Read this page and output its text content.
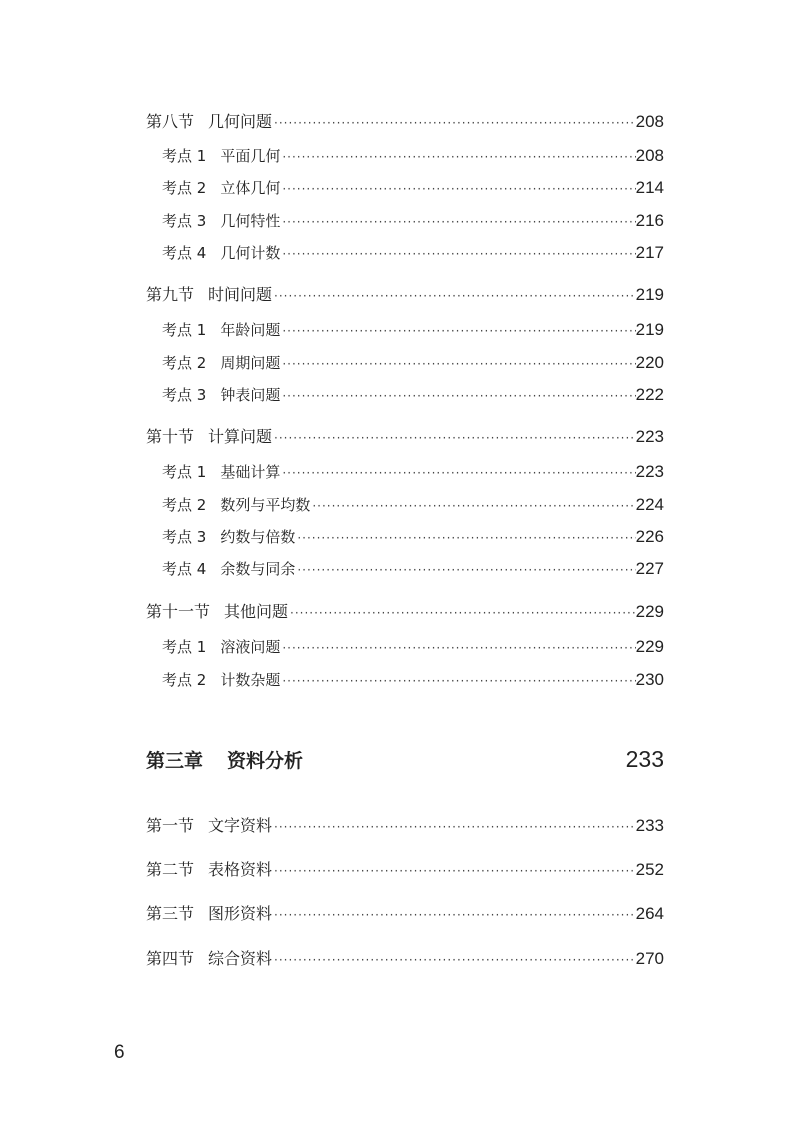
第八节 几何问题 ·····	208
考点 1 平面几何 ·····	208
考点 2 立体几何 ·····	214
考点 3 几何特性 ·····	216
考点 4 几何计数 ·····	217
第九节 时间问题 ·····	219
考点 1 年龄问题 ·····	219
考点 2 周期问题 ·····	220
考点 3 钟表问题 ·····	222
第十节 计算问题 ·····	223
考点 1 基础计算 ·····	223
考点 2 数列与平均数 ·····	224
考点 3 约数与倍数 ·····	226
考点 4 余数与同余 ·····	227
第十一节 其他问题 ·····	229
考点 1 溶液问题 ·····	229
考点 2 计数杂题 ·····	230
第三章 资料分析	233
第一节 文字资料 ·····	233
第二节 表格资料 ·····	252
第三节 图形资料 ·····	264
第四节 综合资料 ·····	270
6
